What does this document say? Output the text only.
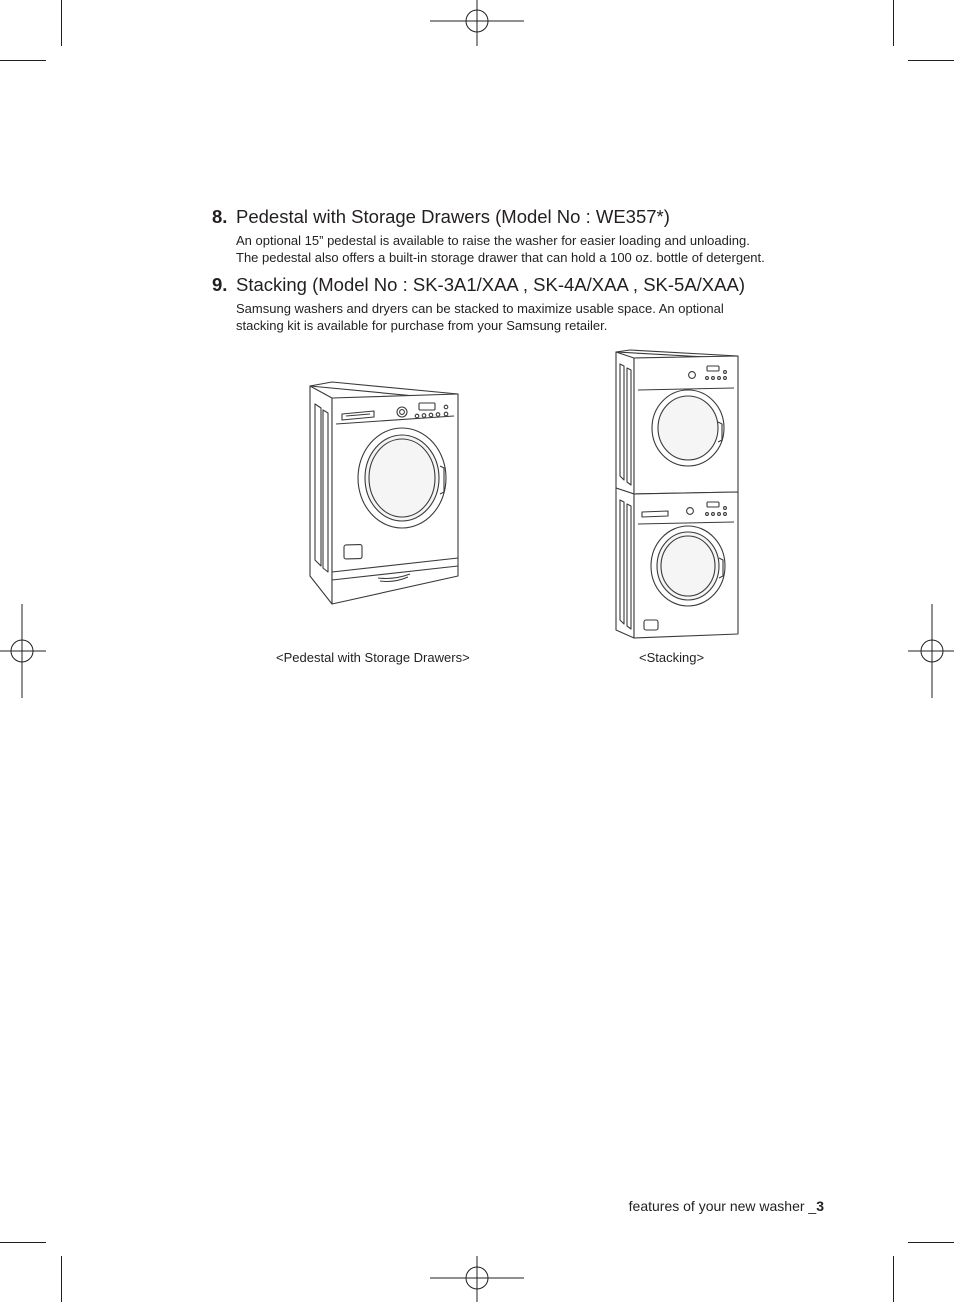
8. Pedestal with Storage Drawers (Model No : WE357*)

An optional 15” pedestal is available to raise the washer for easier loading and unloading.
The pedestal also offers a built-in storage drawer that can hold a 100 oz. bottle of detergent.

9. Stacking (Model No : SK-3A1/XAA , SK-4A/XAA , SK-5A/XAA)

Samsung washers and dryers can be stacked to maximize usable space. An optional
stacking kit is available for purchase from your Samsung retailer.

<Pedestal with Storage Drawers>	<Stacking>
features of your new washer _3
